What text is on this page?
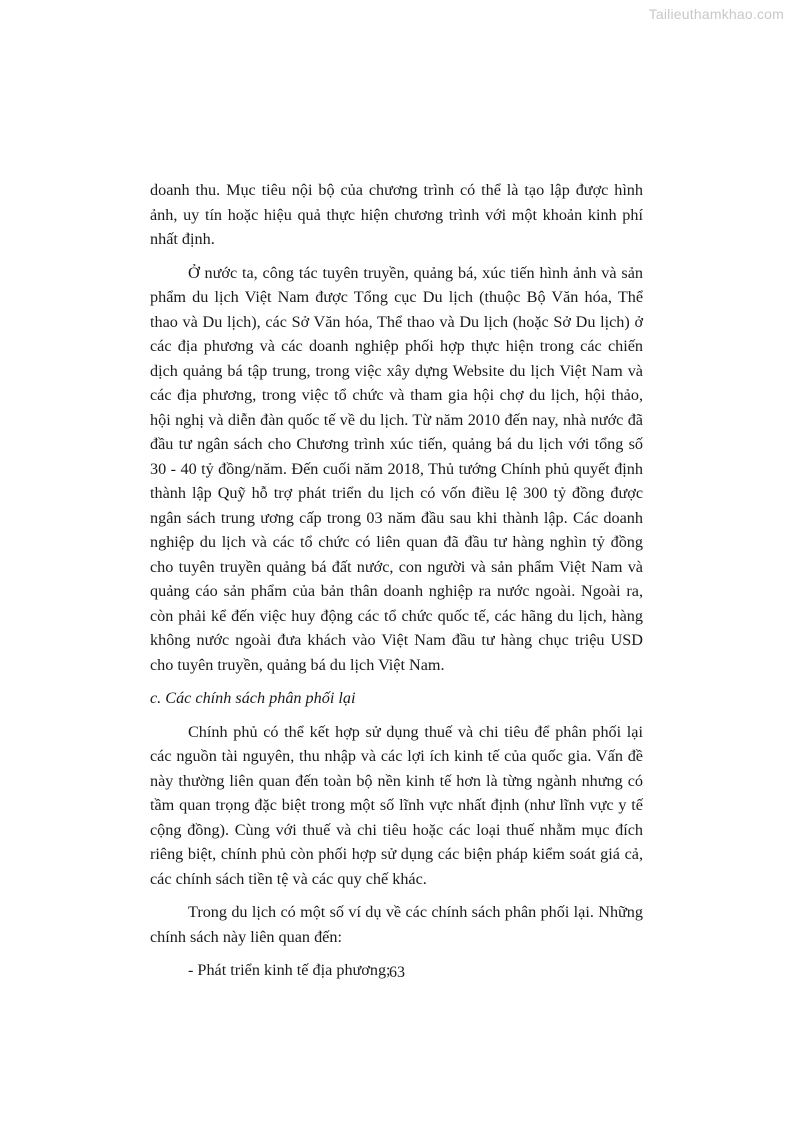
Tailieuthamkhao.com

doanh thu. Mục tiêu nội bộ của chương trình có thể là tạo lập được hình ảnh, uy tín hoặc hiệu quả thực hiện chương trình với một khoản kinh phí nhất định.

Ở nước ta, công tác tuyên truyền, quảng bá, xúc tiến hình ảnh và sản phẩm du lịch Việt Nam được Tổng cục Du lịch (thuộc Bộ Văn hóa, Thể thao và Du lịch), các Sở Văn hóa, Thể thao và Du lịch (hoặc Sở Du lịch) ở các địa phương và các doanh nghiệp phối hợp thực hiện trong các chiến dịch quảng bá tập trung, trong việc xây dựng Website du lịch Việt Nam và các địa phương, trong việc tổ chức và tham gia hội chợ du lịch, hội thảo, hội nghị và diễn đàn quốc tế về du lịch. Từ năm 2010 đến nay, nhà nước đã đầu tư ngân sách cho Chương trình xúc tiến, quảng bá du lịch với tổng số 30 - 40 tỷ đồng/năm. Đến cuối năm 2018, Thủ tướng Chính phủ quyết định thành lập Quỹ hỗ trợ phát triển du lịch có vốn điều lệ 300 tỷ đồng được ngân sách trung ương cấp trong 03 năm đầu sau khi thành lập. Các doanh nghiệp du lịch và các tổ chức có liên quan đã đầu tư hàng nghìn tỷ đồng cho tuyên truyền quảng bá đất nước, con người và sản phẩm Việt Nam và quảng cáo sản phẩm của bản thân doanh nghiệp ra nước ngoài. Ngoài ra, còn phải kể đến việc huy động các tổ chức quốc tế, các hãng du lịch, hàng không nước ngoài đưa khách vào Việt Nam đầu tư hàng chục triệu USD cho tuyên truyền, quảng bá du lịch Việt Nam.

c. Các chính sách phân phối lại

Chính phủ có thể kết hợp sử dụng thuế và chi tiêu để phân phối lại các nguồn tài nguyên, thu nhập và các lợi ích kinh tế của quốc gia. Vấn đề này thường liên quan đến toàn bộ nền kinh tế hơn là từng ngành nhưng có tầm quan trọng đặc biệt trong một số lĩnh vực nhất định (như lĩnh vực y tế cộng đồng). Cùng với thuế và chi tiêu hoặc các loại thuế nhằm mục đích riêng biệt, chính phủ còn phối hợp sử dụng các biện pháp kiểm soát giá cả, các chính sách tiền tệ và các quy chế khác.

Trong du lịch có một số ví dụ về các chính sách phân phối lại. Những chính sách này liên quan đến:

- Phát triển kinh tế địa phương;

63
